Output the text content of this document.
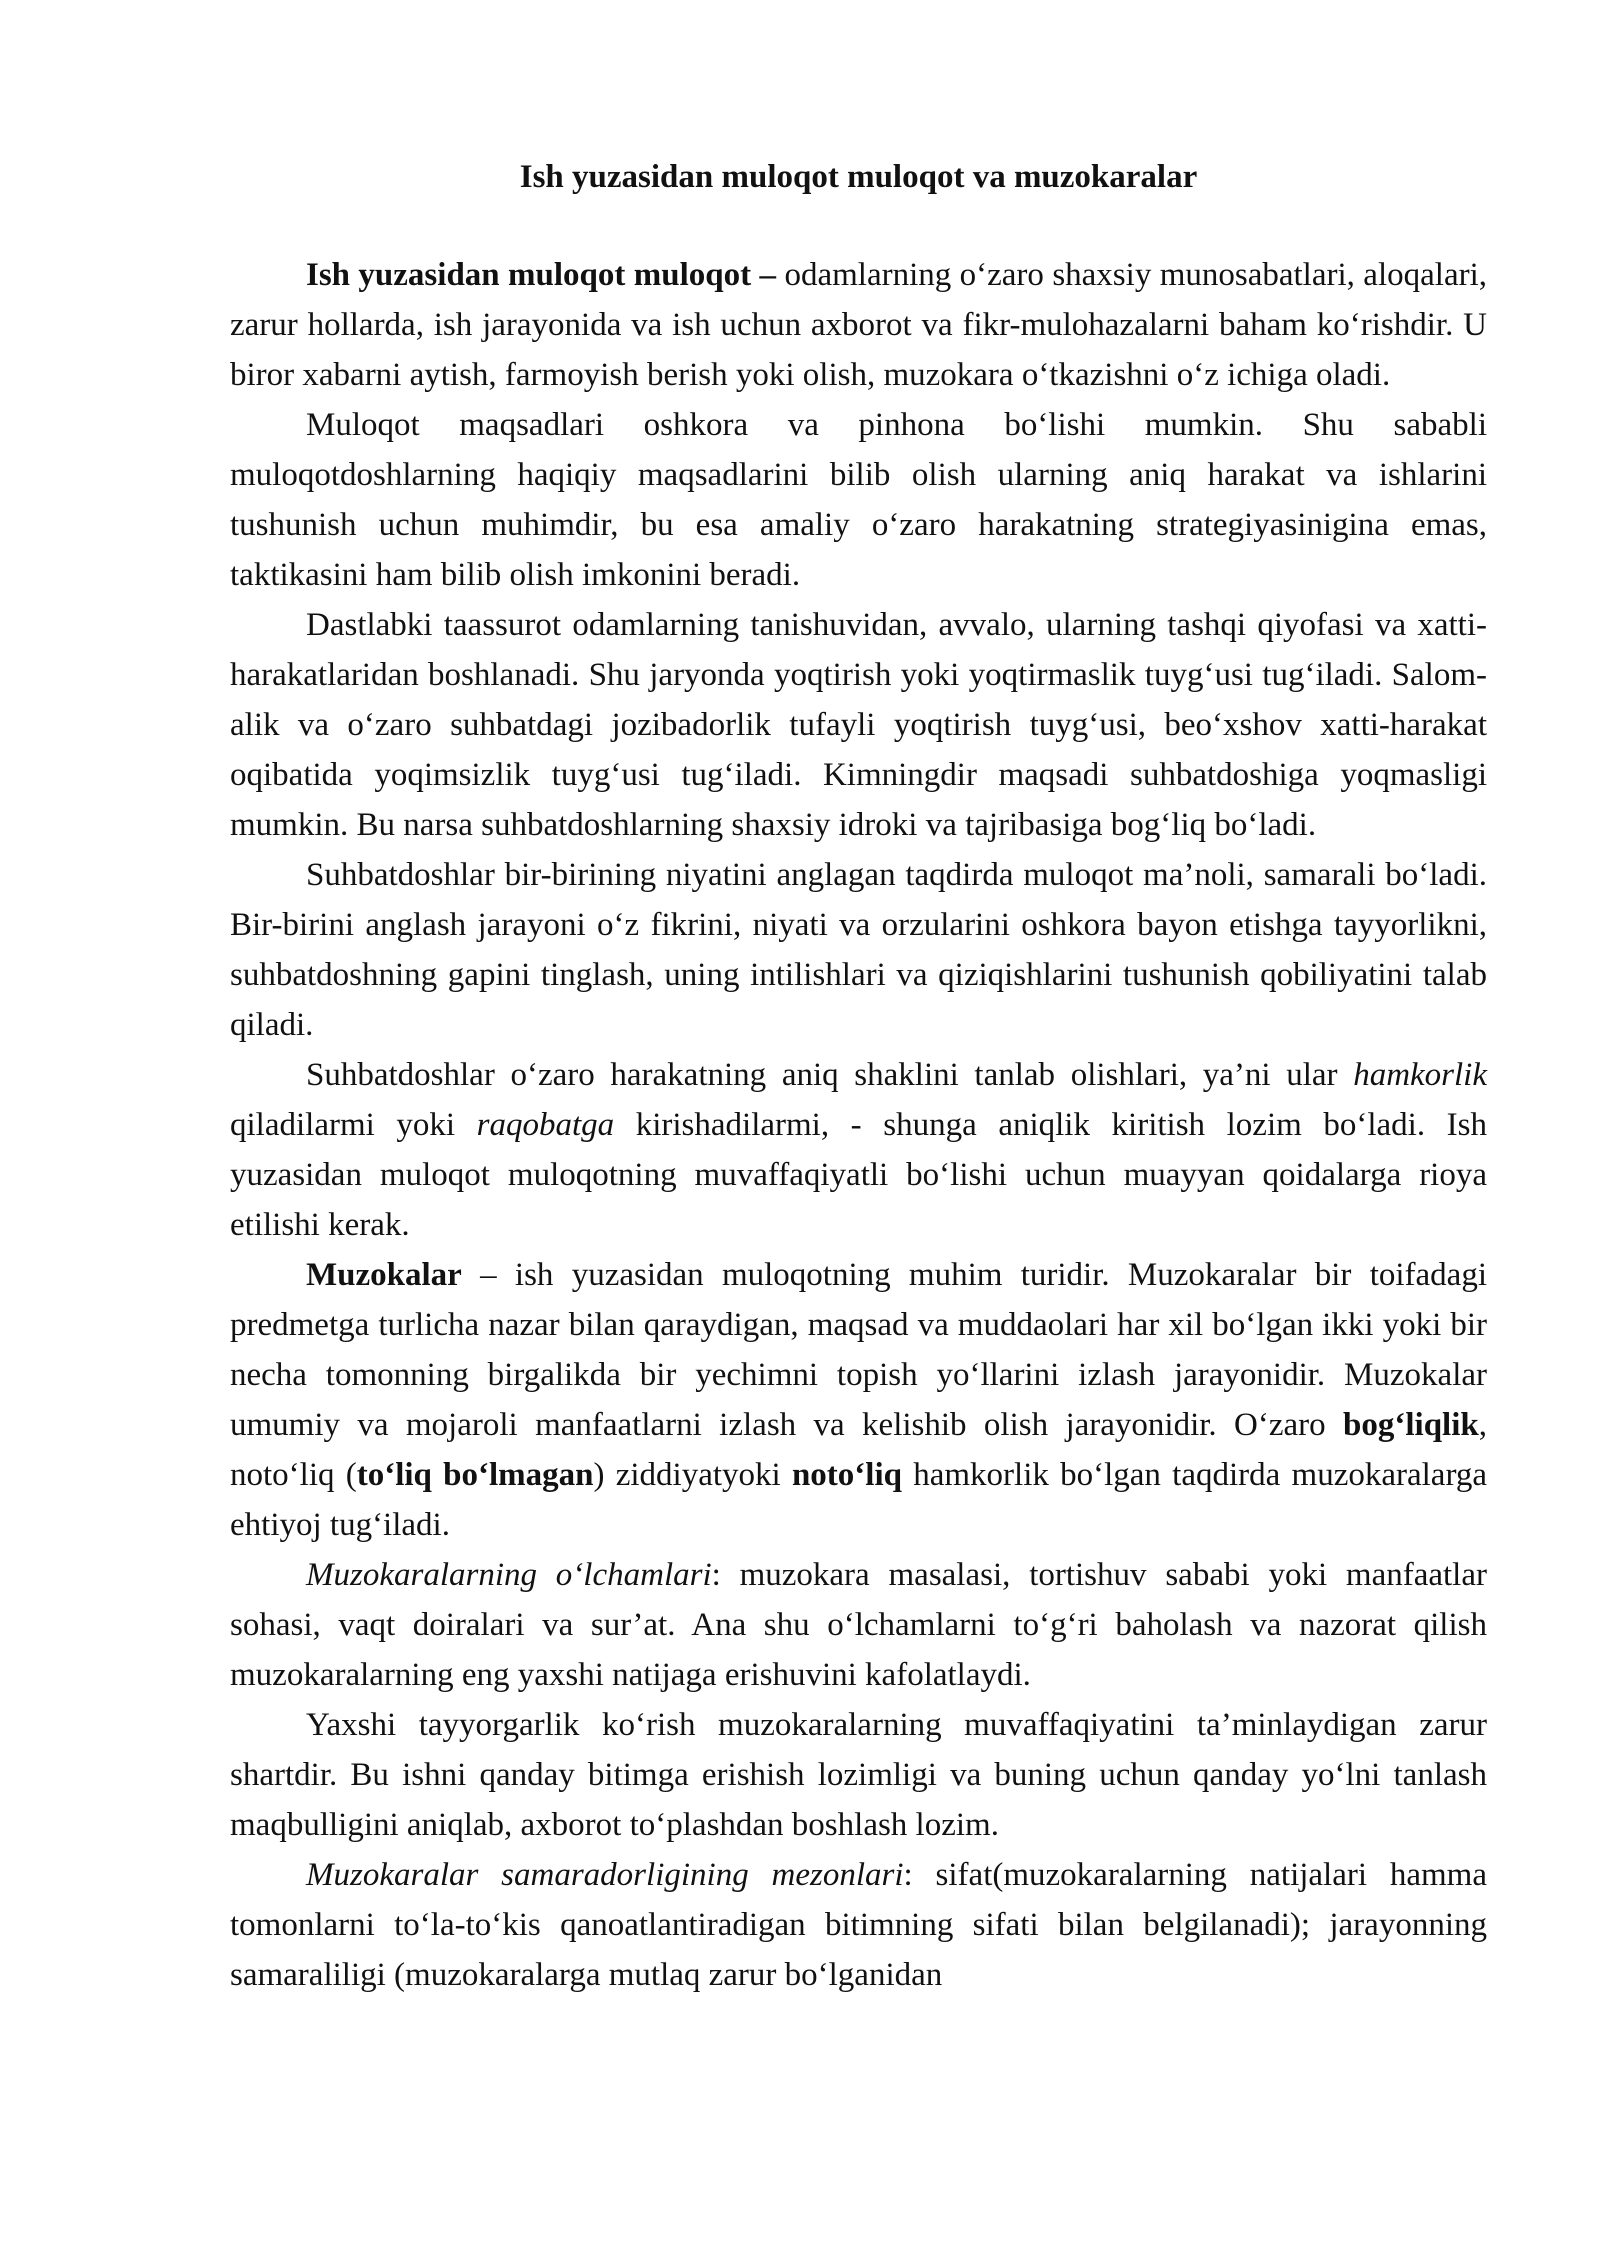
Ish yuzasidan muloqot muloqot va muzokaralar

Ish yuzasidan muloqot muloqot – odamlarning o‘zaro shaxsiy munosabatlari, aloqalari, zarur hollarda, ish jarayonida va ish uchun axborot va fikr-mulohazalarni baham ko‘rishdir. U biror xabarni aytish, farmoyish berish yoki olish, muzokara o‘tkazishni o‘z ichiga oladi.

Muloqot maqsadlari oshkora va pinhona bo‘lishi mumkin. Shu sababli muloqotdoshlarning haqiqiy maqsadlarini bilib olish ularning aniq harakat va ishlarini tushunish uchun muhimdir, bu esa amaliy o‘zaro harakatning strategiyasinigina emas, taktikasini ham bilib olish imkonini beradi.

Dastlabki taassurot odamlarning tanishuvidan, avvalo, ularning tashqi qiyofasi va xatti-harakatlaridan boshlanadi. Shu jaryonda yoqtirish yoki yoqtirmaslik tuyg‘usi tug‘iladi. Salom-alik va o‘zaro suhbatdagi jozibadorlik tufayli yoqtirish tuyg‘usi, beo‘xshov xatti-harakat oqibatida yoqimsizlik tuyg‘usi tug‘iladi. Kimningdir maqsadi suhbatdoshiga yoqmasligi mumkin. Bu narsa suhbatdoshlarning shaxsiy idroki va tajribasiga bog‘liq bo‘ladi.

Suhbatdoshlar bir-birining niyatini anglagan taqdirda muloqot ma’noli, samarali bo‘ladi. Bir-birini anglash jarayoni o‘z fikrini, niyati va orzularini oshkora bayon etishga tayyorlikni, suhbatdoshning gapini tinglash, uning intilishlari va qiziqishlarini tushunish qobiliyatini talab qiladi.

Suhbatdoshlar o‘zaro harakatning aniq shaklini tanlab olishlari, ya’ni ular hamkorlik qiladilarmi yoki raqobatga kirishadilarmi, - shunga aniqlik kiritish lozim bo‘ladi. Ish yuzasidan muloqot muloqotning muvaffaqiyatli bo‘lishi uchun muayyan qoidalarga rioya etilishi kerak.

Muzokalar – ish yuzasidan muloqotning muhim turidir. Muzokaralar bir toifadagi predmetga turlicha nazar bilan qaraydigan, maqsad va muddaolari har xil bo‘lgan ikki yoki bir necha tomonning birgalikda bir yechimni topish yo‘llarini izlash jarayonidir. Muzokalar umumiy va mojaroli manfaatlarni izlash va kelishib olish jarayonidir. O‘zaro bog‘liqlik, noto‘liq (to‘liq bo‘lmagan) ziddiyatyoki noto‘liq hamkorlik bo‘lgan taqdirda muzokaralarga ehtiyoj tug‘iladi.

Muzokaralarning o‘lchamlari: muzokara masalasi, tortishuv sababi yoki manfaatlar sohasi, vaqt doiralari va sur’at. Ana shu o‘lchamlarni to‘g‘ri baholash va nazorat qilish muzokaralarning eng yaxshi natijaga erishuvini kafolatlaydi.

Yaxshi tayyorgarlik ko‘rish muzokaralarning muvaffaqiyatini ta’minlaydigan zarur shartdir. Bu ishni qanday bitimga erishish lozimligi va buning uchun qanday yo‘lni tanlash maqbulligini aniqlab, axborot to‘plashdan boshlash lozim.

Muzokaralar samaradorligining mezonlari: sifat(muzokaralarning natijalari hamma tomonlarni to‘la-to‘kis qanoatlantiradigan bitimning sifati bilan belgilanadi); jarayonning samaraliligi (muzokaralarga mutlaq zarur bo‘lganidan
